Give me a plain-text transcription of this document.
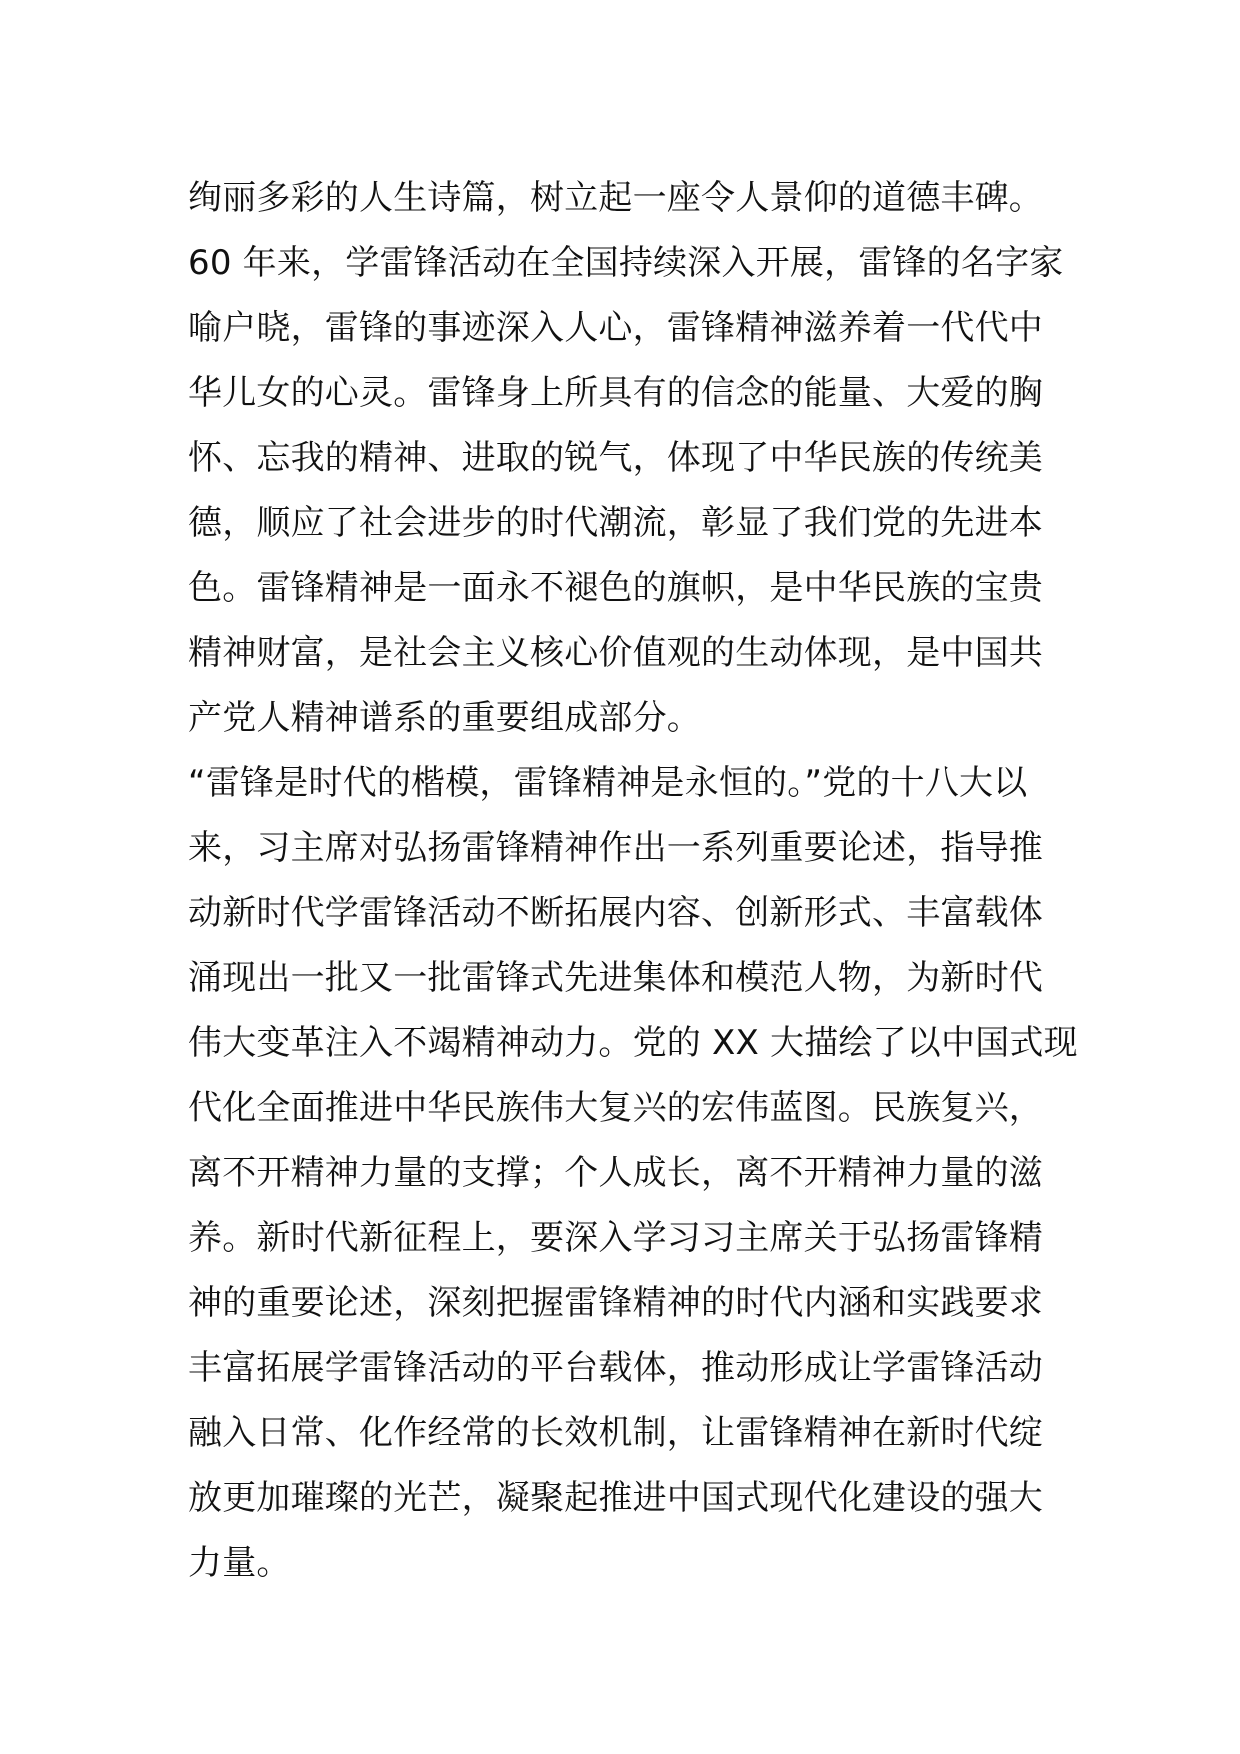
绚丽多彩的人生诗篇，树立起一座令人景仰的道德丰碑。
60 年来，学雷锋活动在全国持续深入开展，雷锋的名字家
喻户晓，雷锋的事迹深入人心，雷锋精神滋养着一代代中
华儿女的心灵。雷锋身上所具有的信念的能量、大爱的胸
怀、忘我的精神、进取的锐气，体现了中华民族的传统美
德，顺应了社会进步的时代潮流，彰显了我们党的先进本
色。雷锋精神是一面永不褪色的旗帜，是中华民族的宝贵
精神财富，是社会主义核心价值观的生动体现，是中国共
产党人精神谱系的重要组成部分。
“雷锋是时代的楷模，雷锋精神是永恒的。”党的十八大以
来，习主席对弘扬雷锋精神作出一系列重要论述，指导推
动新时代学雷锋活动不断拓展内容、创新形式、丰富载体
涌现出一批又一批雷锋式先进集体和模范人物，为新时代
伟大变革注入不竭精神动力。党的 XX 大描绘了以中国式现
代化全面推进中华民族伟大复兴的宏伟蓝图。民族复兴，
离不开精神力量的支撑；个人成长，离不开精神力量的滋
养。新时代新征程上，要深入学习习主席关于弘扬雷锋精
神的重要论述，深刻把握雷锋精神的时代内涵和实践要求
丰富拓展学雷锋活动的平台载体，推动形成让学雷锋活动
融入日常、化作经常的长效机制，让雷锋精神在新时代绽
放更加璀璨的光芒，凝聚起推进中国式现代化建设的强大
力量。
